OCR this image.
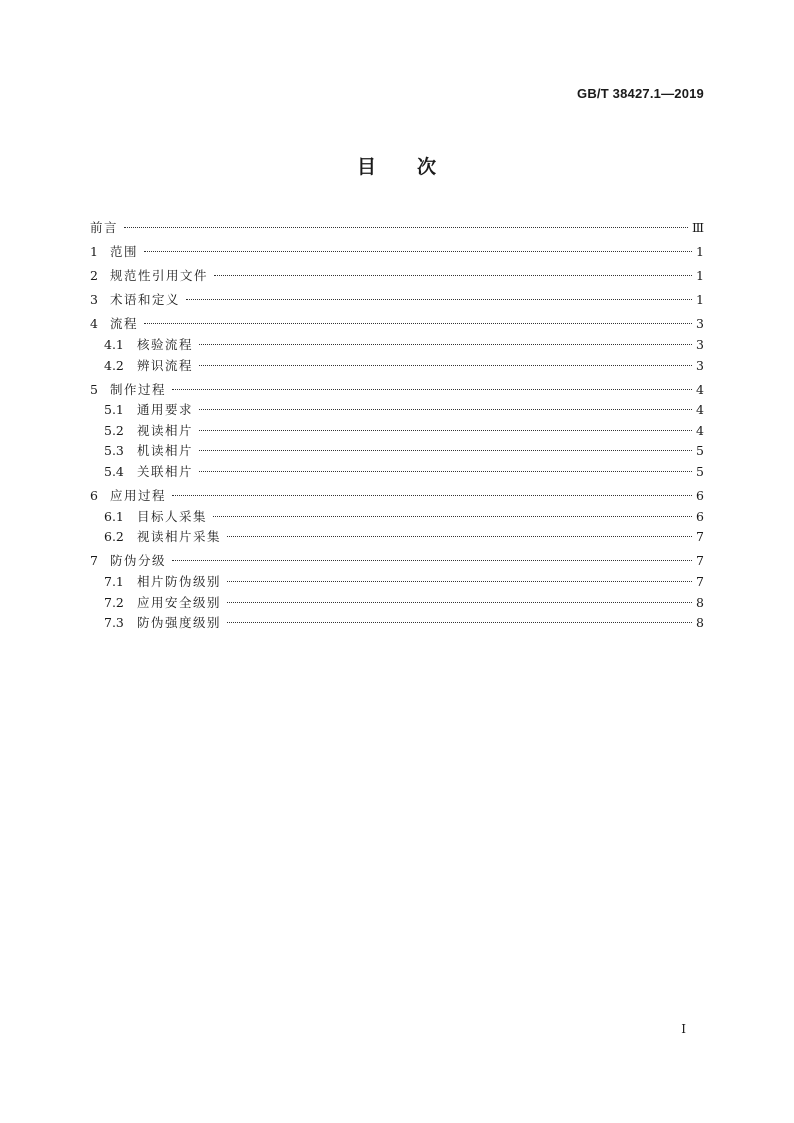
GB/T 38427.1—2019
目 次
前言	Ⅲ
1 范围	1
2 规范性引用文件	1
3 术语和定义	1
4 流程	3
4.1	核验流程	3
4.2	辨识流程	3
5 制作过程	4
5.1	通用要求	4
5.2	视读相片	4
5.3	机读相片	5
5.4	关联相片	5
6 应用过程	6
6.1	目标人采集	6
6.2	视读相片采集	7
7 防伪分级	7
7.1	相片防伪级别	7
7.2	应用安全级别	8
7.3	防伪强度级别	8
I
